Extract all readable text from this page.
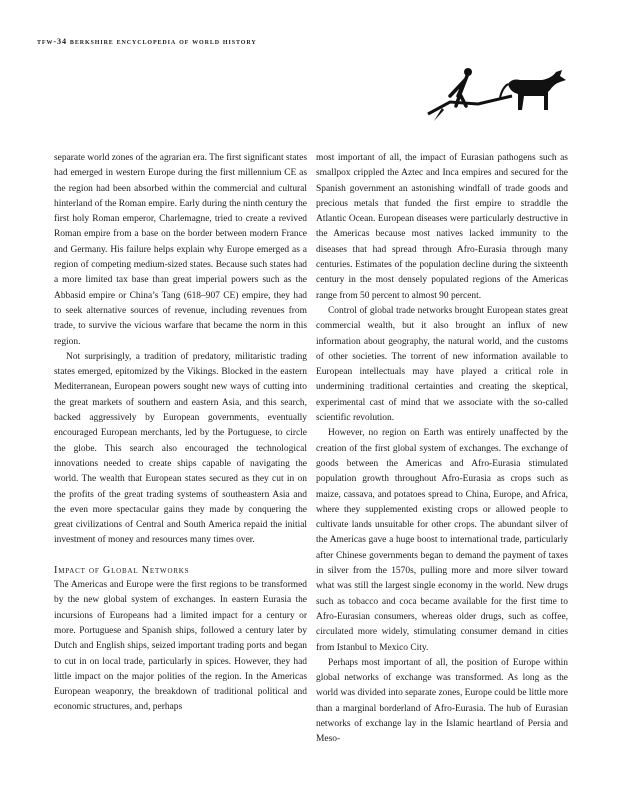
tfw-34 berkshire encyclopedia of world history

separate world zones of the agrarian era. The first significant states had emerged in western Europe during the first millennium CE as the region had been absorbed within the commercial and cultural hinterland of the Roman empire. Early during the ninth century the first holy Roman emperor, Charlemagne, tried to create a revived Roman empire from a base on the border between modern France and Germany. His failure helps explain why Europe emerged as a region of competing medium-sized states. Because such states had a more limited tax base than great imperial powers such as the Abbasid empire or China’s Tang (618–907 CE) empire, they had to seek alternative sources of revenue, including revenues from trade, to survive the vicious warfare that became the norm in this region.

Not surprisingly, a tradition of predatory, militaristic trading states emerged, epitomized by the Vikings. Blocked in the eastern Mediterranean, European powers sought new ways of cutting into the great markets of southern and eastern Asia, and this search, backed aggressively by European governments, eventually encouraged European merchants, led by the Portuguese, to circle the globe. This search also encouraged the technological innovations needed to create ships capable of navigating the world. The wealth that European states secured as they cut in on the profits of the great trading systems of southeastern Asia and the even more spectacular gains they made by conquering the great civilizations of Central and South America repaid the initial investment of money and resources many times over.

Impact of Global Networks

The Americas and Europe were the first regions to be transformed by the new global system of exchanges. In eastern Eurasia the incursions of Europeans had a limited impact for a century or more. Portuguese and Spanish ships, followed a century later by Dutch and English ships, seized important trading ports and began to cut in on local trade, particularly in spices. However, they had little impact on the major polities of the region. In the Americas European weaponry, the breakdown of traditional political and economic structures, and, perhaps

most important of all, the impact of Eurasian pathogens such as smallpox crippled the Aztec and Inca empires and secured for the Spanish government an astonishing windfall of trade goods and precious metals that funded the first empire to straddle the Atlantic Ocean. European diseases were particularly destructive in the Americas because most natives lacked immunity to the diseases that had spread through Afro-Eurasia through many centuries. Estimates of the population decline during the sixteenth century in the most densely populated regions of the Americas range from 50 percent to almost 90 percent.

Control of global trade networks brought European states great commercial wealth, but it also brought an influx of new information about geography, the natural world, and the customs of other societies. The torrent of new information available to European intellectuals may have played a critical role in undermining traditional certainties and creating the skeptical, experimental cast of mind that we associate with the so-called scientific revolution.

However, no region on Earth was entirely unaffected by the creation of the first global system of exchanges. The exchange of goods between the Americas and Afro-Eurasia stimulated population growth throughout Afro-Eurasia as crops such as maize, cassava, and potatoes spread to China, Europe, and Africa, where they supplemented existing crops or allowed people to cultivate lands unsuitable for other crops. The abundant silver of the Americas gave a huge boost to international trade, particularly after Chinese governments began to demand the payment of taxes in silver from the 1570s, pulling more and more silver toward what was still the largest single economy in the world. New drugs such as tobacco and coca became available for the first time to Afro-Eurasian consumers, whereas older drugs, such as coffee, circulated more widely, stimulating consumer demand in cities from Istanbul to Mexico City.

Perhaps most important of all, the position of Europe within global networks of exchange was transformed. As long as the world was divided into separate zones, Europe could be little more than a marginal borderland of Afro-Eurasia. The hub of Eurasian networks of exchange lay in the Islamic heartland of Persia and Meso-
